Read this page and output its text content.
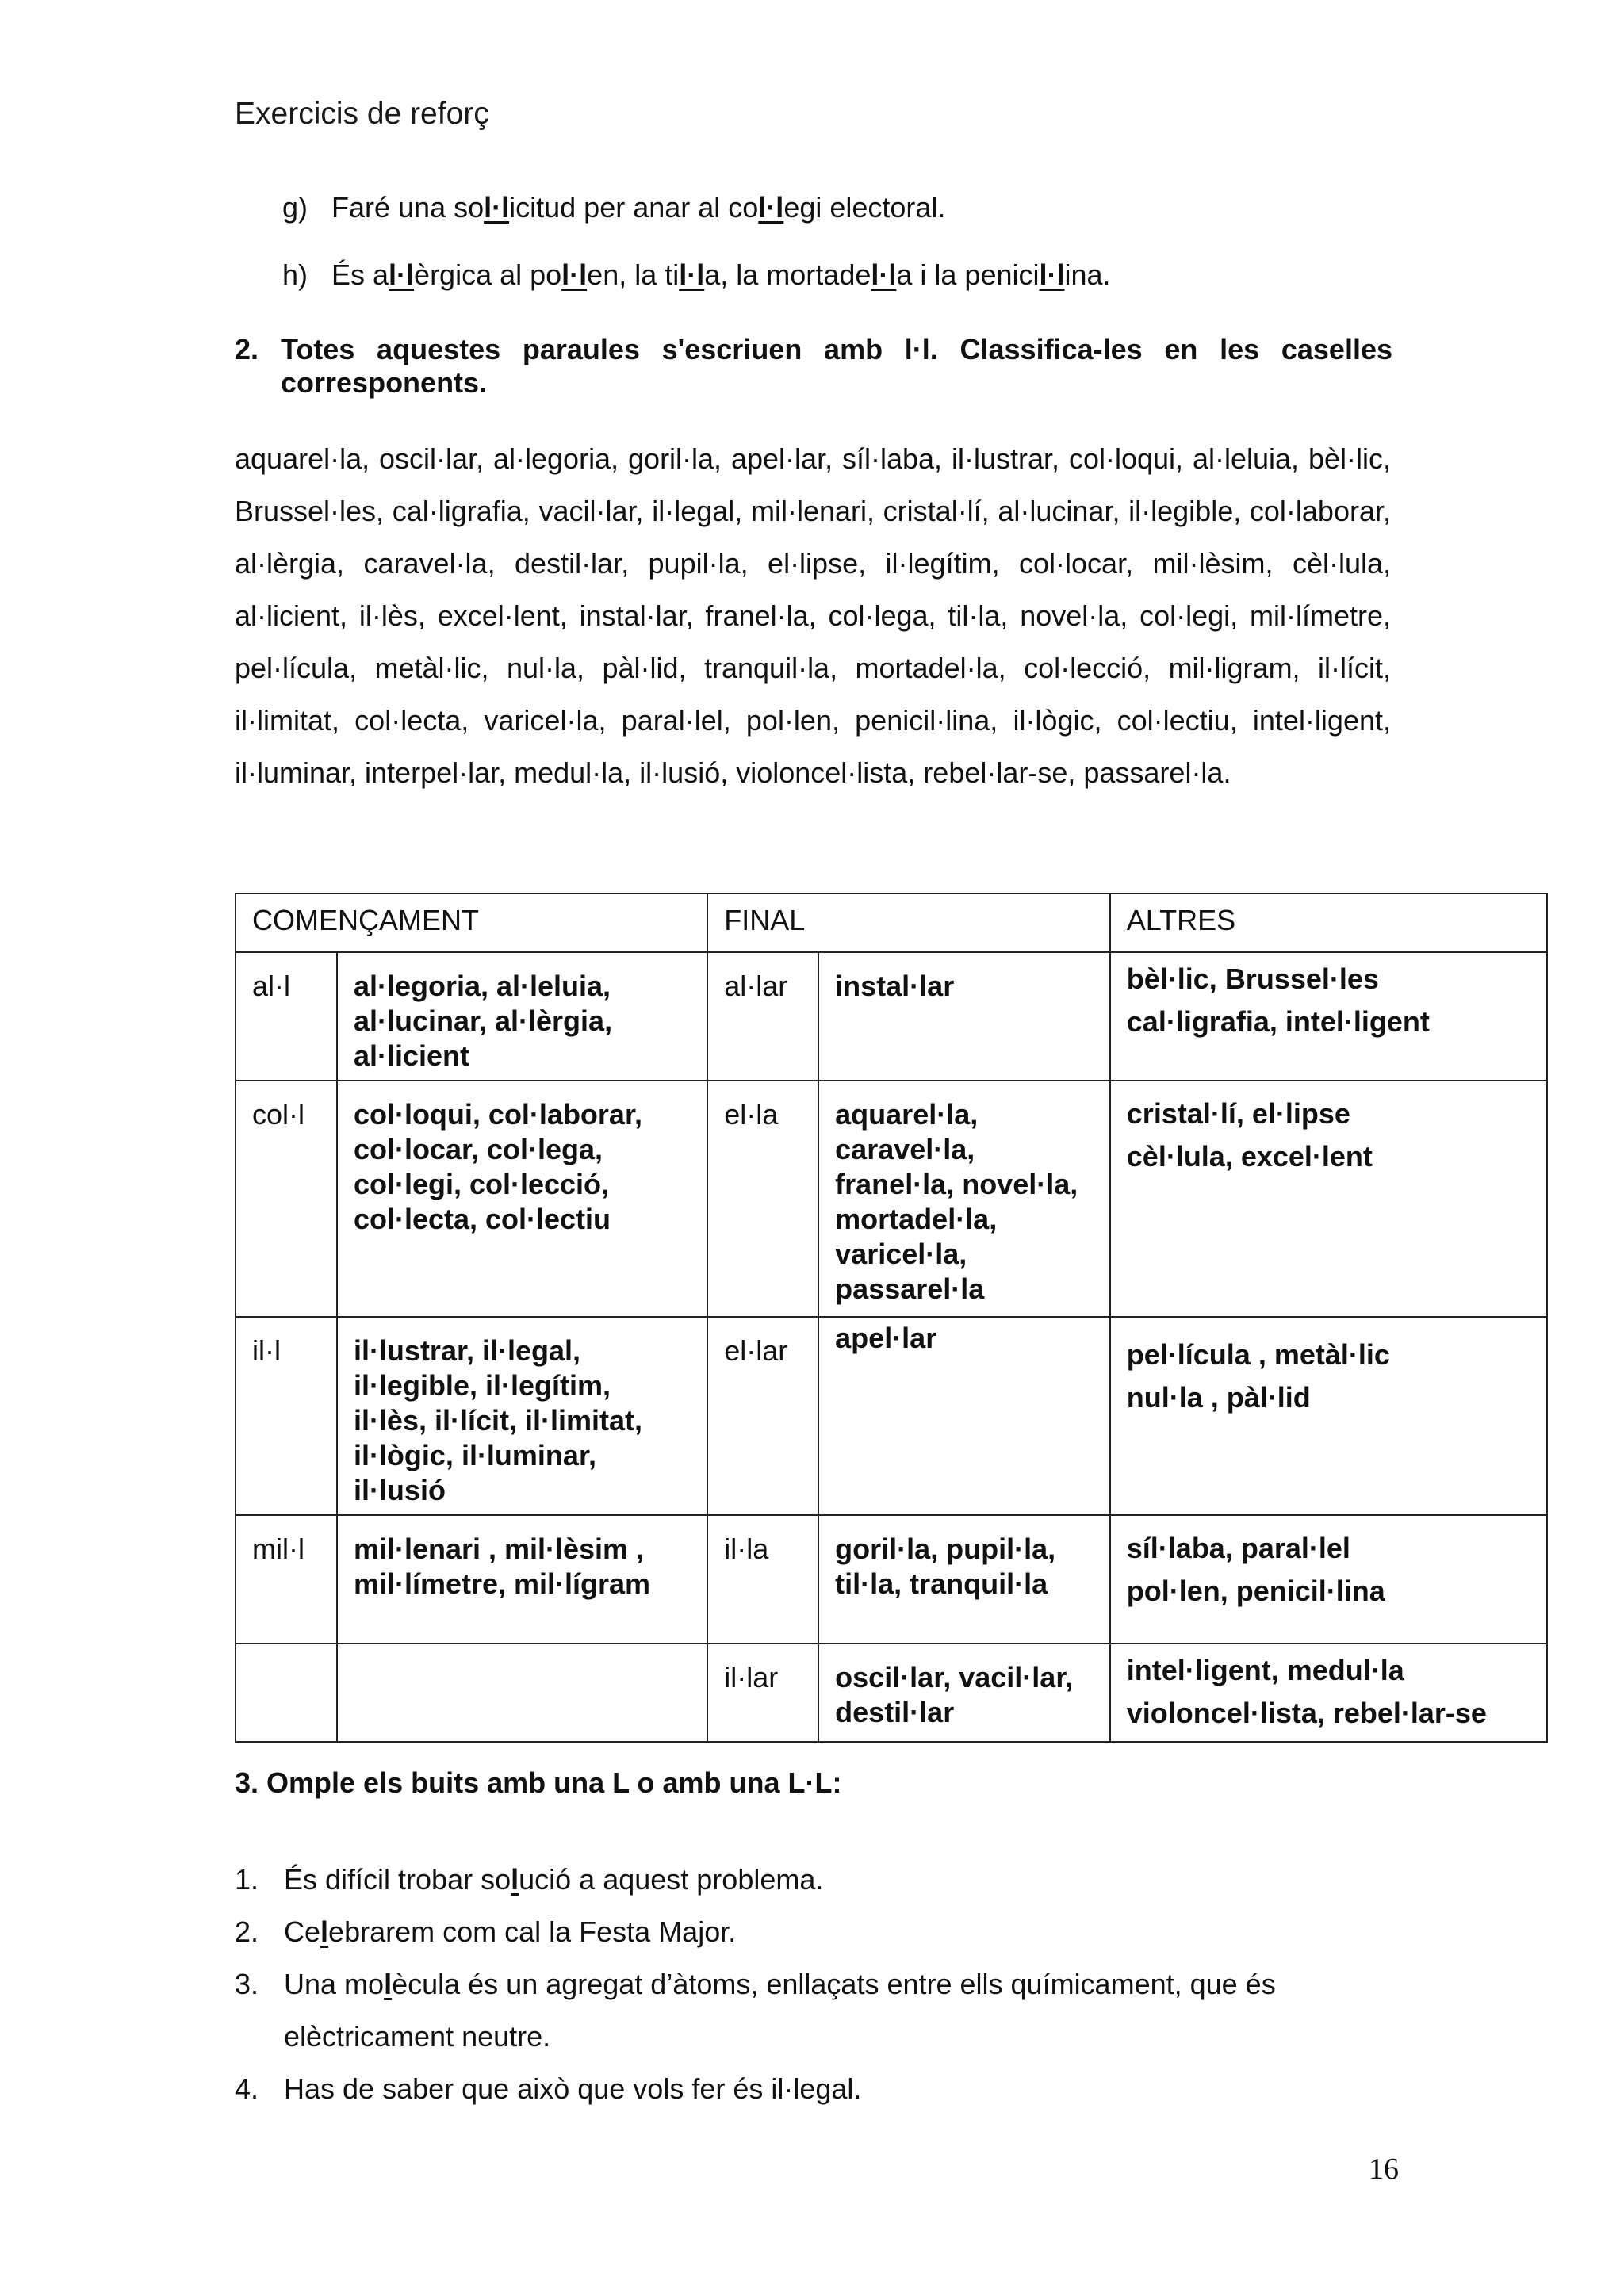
Exercicis de reforç
g) Faré una sol·licitud per anar al col·legi electoral.
h) És al·lèrgica al pol·len, la til·la, la mortadel·la i la penicil·lina.
2. Totes aquestes paraules s'escriuen amb l·l. Classifica-les en les caselles corresponents.
aquarel·la, oscil·lar, al·legoria, goril·la, apel·lar, síl·laba, il·lustrar, col·loqui, al·leluia, bèl·lic, Brussel·les, cal·ligrafia, vacil·lar, il·legal, mil·lenari, cristal·lí, al·lucinar, il·legible, col·laborar, al·lèrgia, caravel·la, destil·lar, pupil·la, el·lipse, il·legítim, col·locar, mil·lèsim, cèl·lula, al·licient, il·lès, excel·lent, instal·lar, franel·la, col·lega, til·la, novel·la, col·legi, mil·límetre, pel·lícula, metàl·lic, nul·la, pàl·lid, tranquil·la, mortadel·la, col·lecció, mil·ligram, il·lícit, il·limitat, col·lecta, varicel·la, paral·lel, pol·len, penicil·lina, il·lògic, col·lectiu, intel·ligent, il·luminar, interpel·lar, medul·la, il·lusió, violoncel·lista, rebel·lar-se, passarel·la.
COMENÇAMENT		FINAL		ALTRES
al·l	al·legoria, al·leluia, al·lucinar, al·lèrgia, al·licient	al·lar	instal·lar	bèl·lic, Brussel·les
cal·ligrafia, intel·ligent

col·l	col·loqui, col·laborar, col·locar, col·lega, col·legi, col·lecció, col·lecta, col·lectiu	el·la	aquarel·la, caravel·la, franel·la, novel·la, mortadel·la, varicel·la, passarel·la	cristal·lí, el·lipse
cèl·lula, excel·lent

il·l	il·lustrar, il·legal, il·legible, il·legítim, il·lès, il·lícit, il·limitat, il·lògic, il·luminar, il·lusió	el·lar	apel·lar	pel·lícula , metàl·lic
nul·la , pàl·lid

mil·l	mil·lenari , mil·lèsim , mil·límetre, mil·lígram	il·la	goril·la, pupil·la, til·la, tranquil·la	síl·laba, paral·lel
pol·len, penicil·lina

		il·lar	oscil·lar, vacil·lar, destil·lar	intel·ligent, medul·la
violoncel·lista, rebel·lar-se
3. Omple els buits amb una L o amb una L·L:
1. És difícil trobar solució a aquest problema.
2. Celebrarem com cal la Festa Major.
3. Una molècula és un agregat d’àtoms, enllaçats entre ells químicament, que és elèctricament neutre.
4. Has de saber que això que vols fer és il·legal.
16
